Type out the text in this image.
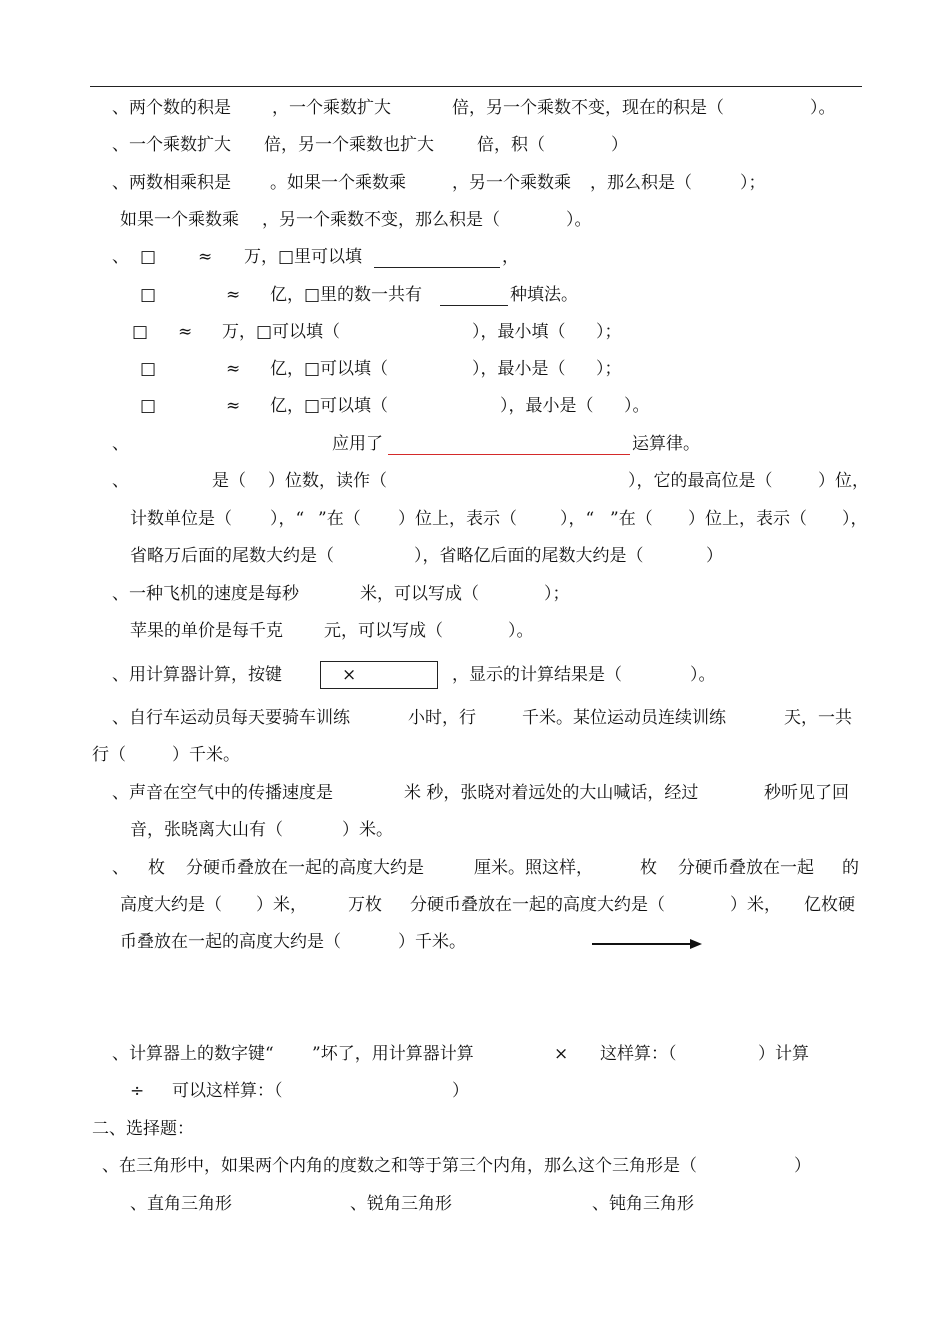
、两个数的积是 ，一个乘数扩大	倍，另一个乘数不变，现在的积是（	）。
、一个乘数扩大 倍，另一个乘数也扩大	倍，积（	）
、两数相乘积是 。如果一个乘数乘	，另一个乘数乘 ，那么积是（	）；
如果一个乘数乘 ，另一个乘数不变，那么积是（	）。
、 □ ≈ 万，□里可以填	，
□	≈ 亿，□里的数一共有	种填法。
□ ≈ 万，□可以填（	），最小填（ ）；
□	≈ 亿，□可以填（	），最小是（ ）；
□	≈ 亿，□可以填（	），最小是（ ）。
、	应用了	运算律。
、	是（ ）位数，读作（	），它的最高位是（	）位，
计数单位是（ ），“ ”在（ ）位上，表示（	），“ ”在（ ）位上，表示（ ），
省略万后面的尾数大约是（	），省略亿后面的尾数大约是（	）
、一种飞机的速度是每秒	米，可以写成（	）；
苹果的单价是每千克 元，可以写成（	）。
、用计算器计算，按键	×	，显示的计算结果是（	）。
、自行车运动员每天要骑车训练	小时，行	千米。某位运动员连续训练	天，一共
行（	）千米。
、声音在空气中的传播速度是	米 秒，张晓对着远处的大山喊话，经过	秒听见了回
音，张晓离大山有（	）米。
、 枚 分硬币叠放在一起的高度大约是	厘米。照这样，	枚 分硬币叠放在一起 的
高度大约是（ ）米， 万枚 分硬币叠放在一起的高度大约是（	）米， 亿枚硬
币叠放在一起的高度大约是（	）千米。
、计算器上的数字键“ ”坏了，用计算器计算	× 这样算：（	）计算
÷ 可以这样算：（	）
二、选择题：
、在三角形中，如果两个内角的度数之和等于第三个内角，那么这个三角形是（	）
、直角三角形	、锐角三角形	、钝角三角形
